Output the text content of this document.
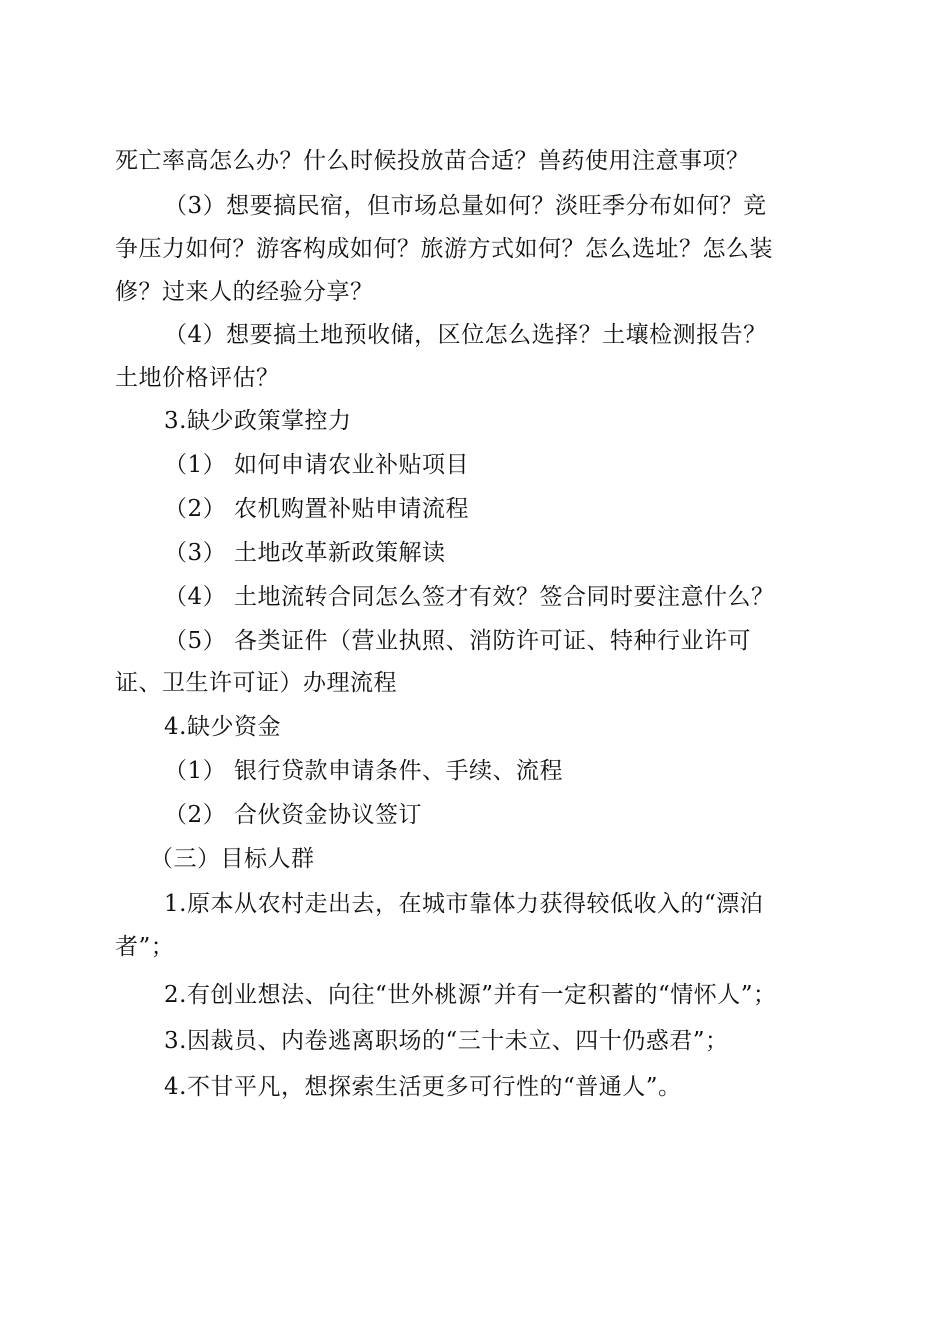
死亡率高怎么办？什么时候投放苗合适？兽药使用注意事项？
（3）想要搞民宿，但市场总量如何？淡旺季分布如何？竞
争压力如何？游客构成如何？旅游方式如何？怎么选址？怎么装
修？过来人的经验分享？
（4）想要搞土地预收储，区位怎么选择？土壤检测报告？
土地价格评估？
3.缺少政策掌控力
（1） 如何申请农业补贴项目
（2） 农机购置补贴申请流程
（3） 土地改革新政策解读
（4） 土地流转合同怎么签才有效？签合同时要注意什么？
（5） 各类证件（营业执照、消防许可证、特种行业许可
证、卫生许可证）办理流程
4.缺少资金
（1） 银行贷款申请条件、手续、流程
（2） 合伙资金协议签订
（三）目标人群
1.原本从农村走出去，在城市靠体力获得较低收入的“漂泊
者”；
2.有创业想法、向往“世外桃源”并有一定积蓄的“情怀人”；
3.因裁员、内卷逃离职场的“三十未立、四十仍惑君”；
4.不甘平凡，想探索生活更多可行性的“普通人”。
